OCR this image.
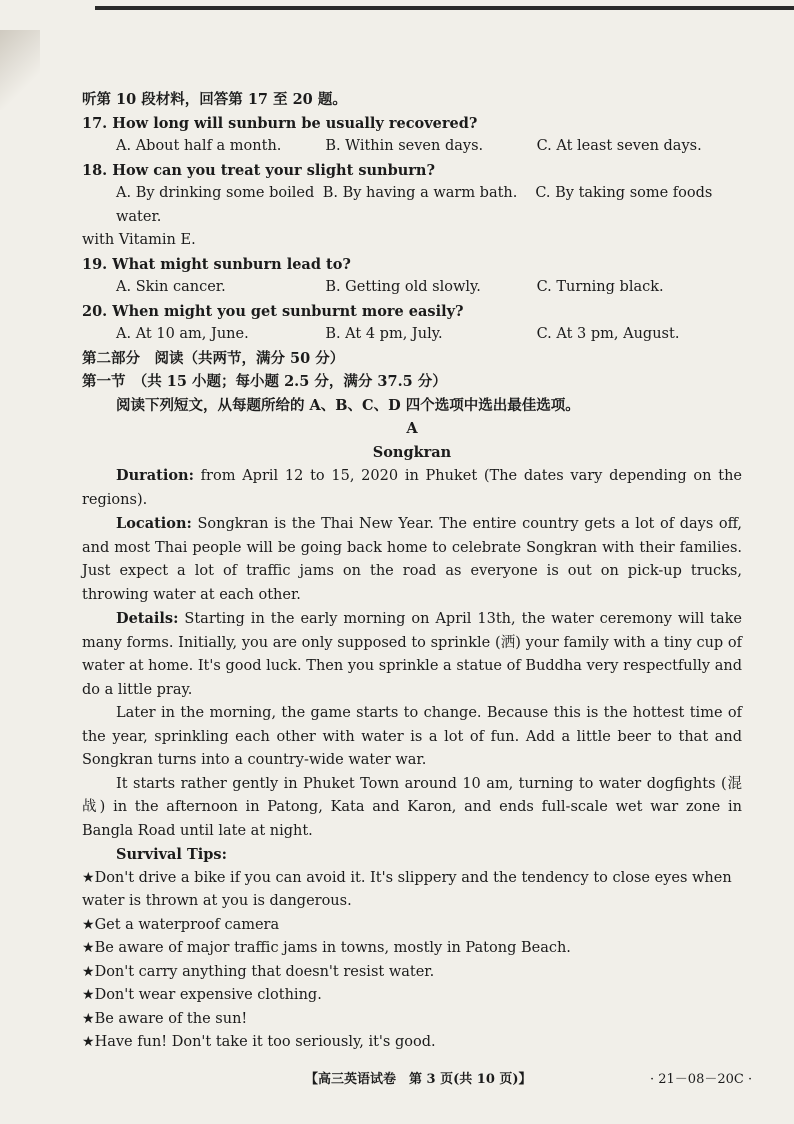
听第 10 段材料，回答第 17 至 20 题。

17. How long will sunburn be usually recovered?

A. About half a month.	B. Within seven days.	C. At least seven days.

18. How can you treat your slight sunburn?

A. By drinking some boiled water.
B. By having a warm bath.	C. By taking some foods

with Vitamin E.

19. What might sunburn lead to?

A. Skin cancer.	B. Getting old slowly.	C. Turning black.

20. When might you get sunburnt more easily?

A. At 10 am, June.	B. At 4 pm, July.	C. At 3 pm, August.

第二部分　阅读（共两节，满分 50 分）

第一节　（共 15 小题；每小题 2.5 分，满分 37.5 分）

阅读下列短文，从每题所给的 A、B、C、D 四个选项中选出最佳选项。

A

Songkran

Duration: from April 12 to 15, 2020 in Phuket (The dates vary depending on the regions).

Location: Songkran is the Thai New Year. The entire country gets a lot of days off, and most Thai people will be going back home to celebrate Songkran with their families. Just expect a lot of traffic jams on the road as everyone is out on pick-up trucks, throwing water at each other.

Details: Starting in the early morning on April 13th, the water ceremony will take many forms. Initially, you are only supposed to sprinkle (洒) your family with a tiny cup of water at home. It's good luck. Then you sprinkle a statue of Buddha very respectfully and do a little pray.

Later in the morning, the game starts to change. Because this is the hottest time of the year, sprinkling each other with water is a lot of fun. Add a little beer to that and Songkran turns into a country-wide water war.

It starts rather gently in Phuket Town around 10 am, turning to water dogfights (混战) in the afternoon in Patong, Kata and Karon, and ends full-scale wet war zone in Bangla Road until late at night.

Survival Tips:

★Don't drive a bike if you can avoid it. It's slippery and the tendency to close eyes when water is thrown at you is dangerous.

★Get a waterproof camera

★Be aware of major traffic jams in towns, mostly in Patong Beach.

★Don't carry anything that doesn't resist water.

★Don't wear expensive clothing.

★Be aware of the sun!

★Have fun! Don't take it too seriously, it's good.

【高三英语试卷　第 3 页(共 10 页)】	· 21－08－20C ·
